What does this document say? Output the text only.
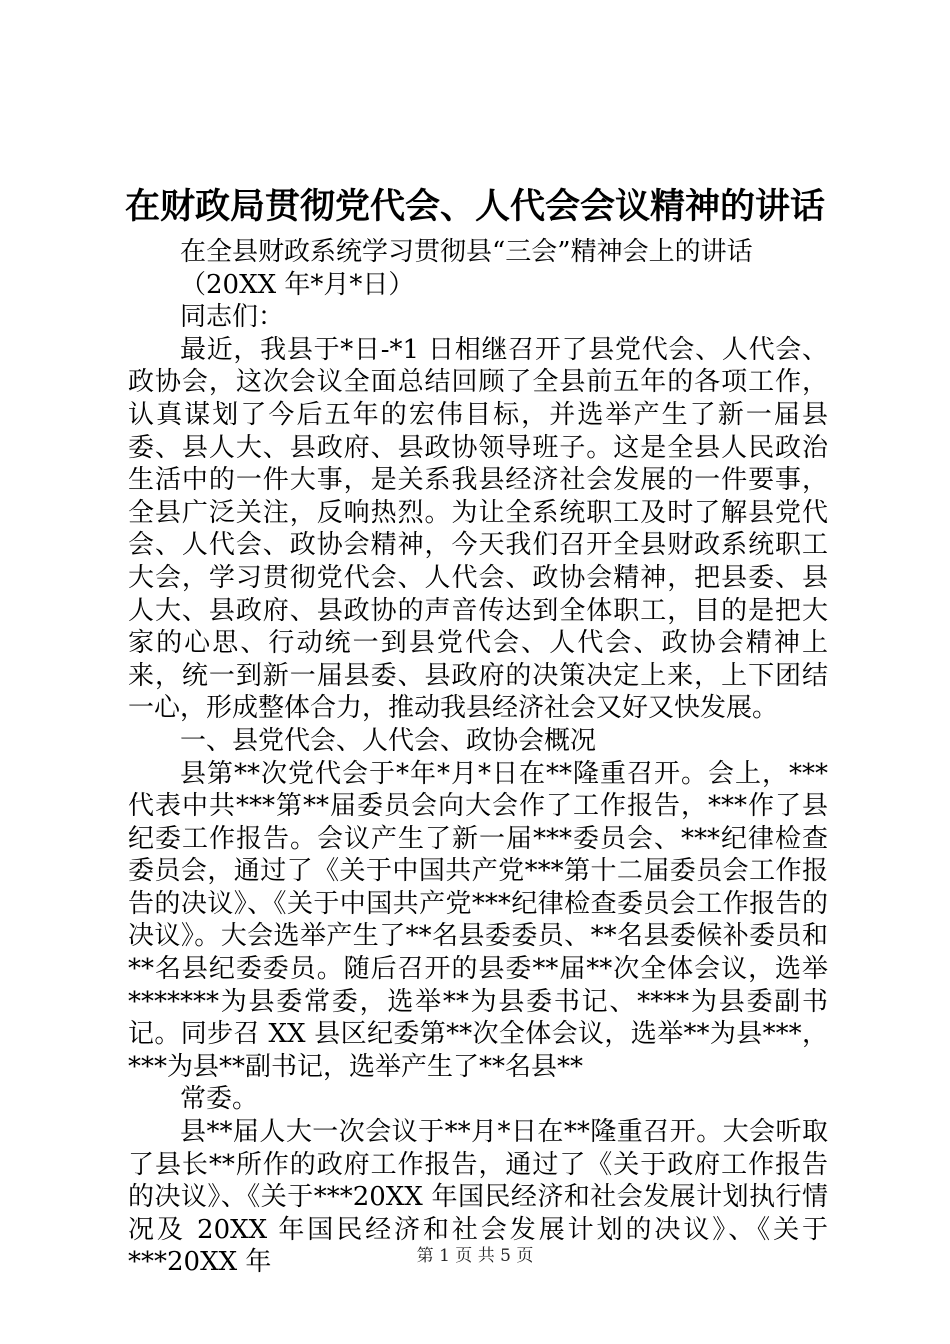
在财政局贯彻党代会、人代会会议精神的讲话

在全县财政系统学习贯彻县“三会”精神会上的讲话

（20XX 年*月*日）

同志们：

最近，我县于*日-*1 日相继召开了县党代会、人代会、政协会，这次会议全面总结回顾了全县前五年的各项工作，认真谋划了今后五年的宏伟目标，并选举产生了新一届县委、县人大、县政府、县政协领导班子。这是全县人民政治生活中的一件大事，是关系我县经济社会发展的一件要事，全县广泛关注，反响热烈。为让全系统职工及时了解县党代会、人代会、政协会精神，今天我们召开全县财政系统职工大会，学习贯彻党代会、人代会、政协会精神，把县委、县人大、县政府、县政协的声音传达到全体职工，目的是把大家的心思、行动统一到县党代会、人代会、政协会精神上来，统一到新一届县委、县政府的决策决定上来，上下团结一心，形成整体合力，推动我县经济社会又好又快发展。

一、县党代会、人代会、政协会概况

县第**次党代会于*年*月*日在**隆重召开。会上，***代表中共***第**届委员会向大会作了工作报告，***作了县纪委工作报告。会议产生了新一届***委员会、***纪律检查委员会，通过了《关于中国共产党***第十二届委员会工作报告的决议》、《关于中国共产党***纪律检查委员会工作报告的决议》。大会选举产生了**名县委委员、**名县委候补委员和**名县纪委委员。随后召开的县委**届**次全体会议，选举*******为县委常委，选举**为县委书记、****为县委副书记。同步召 XX 县区纪委第**次全体会议，选举**为县***，***为县**副书记，选举产生了**名县**

常委。

县**届人大一次会议于**月*日在**隆重召开。大会听取了县长**所作的政府工作报告，通过了《关于政府工作报告的决议》、《关于***20XX 年国民经济和社会发展计划执行情况及 20XX 年国民经济和社会发展计划的决议》、《关于***20XX 年	第 1 页 共 5 页
